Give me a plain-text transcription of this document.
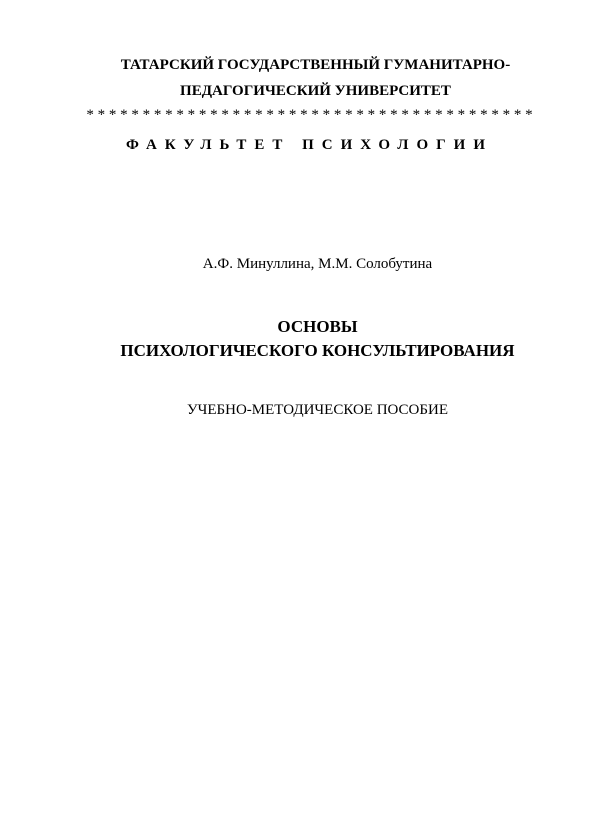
ТАТАРСКИЙ ГОСУДАРСТВЕННЫЙ ГУМАНИТАРНО-
ПЕДАГОГИЧЕСКИЙ УНИВЕРСИТЕТ
* * * * * * * * * * * * * * * * * * * * * * * * * * * * * * * * * * * * * * * *
ФАКУЛЬТЕТ ПСИХОЛОГИИ
А.Ф. Минуллина, М.М. Солобутина
ОСНОВЫ
ПСИХОЛОГИЧЕСКОГО КОНСУЛЬТИРОВАНИЯ
УЧЕБНО-МЕТОДИЧЕСКОЕ ПОСОБИЕ
